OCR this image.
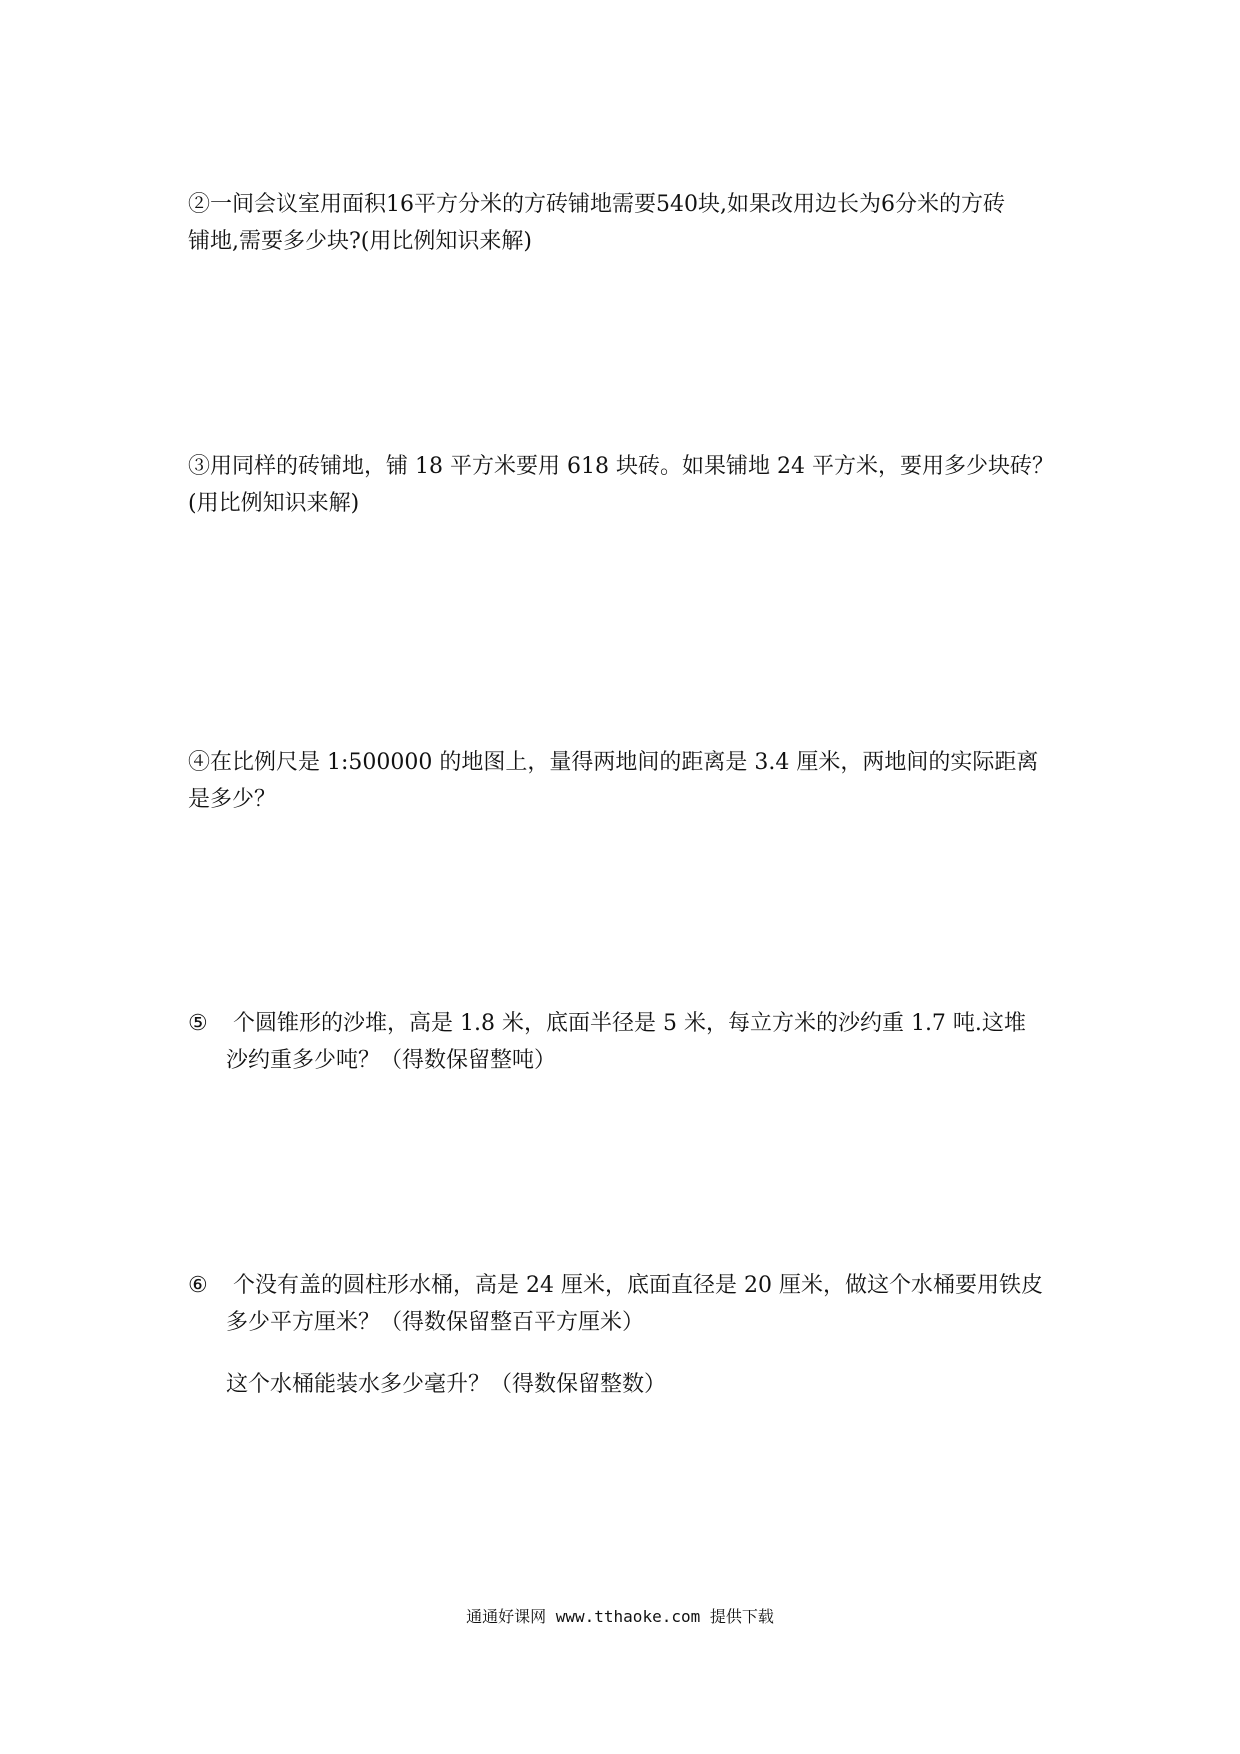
②一间会议室用面积16平方分米的方砖铺地需要540块,如果改用边长为6分米的方砖
铺地,需要多少块?(用比例知识来解)
③用同样的砖铺地，铺 18 平方米要用 618 块砖。如果铺地 24 平方米，要用多少块砖？
(用比例知识来解)
④在比例尺是 1:500000 的地图上，量得两地间的距离是 3.4 厘米，两地间的实际距离
是多少？
⑤ 个圆锥形的沙堆，高是 1.8 米，底面半径是 5 米，每立方米的沙约重 1.7 吨.这堆
沙约重多少吨？（得数保留整吨）
⑥ 个没有盖的圆柱形水桶，高是 24 厘米，底面直径是 20 厘米，做这个水桶要用铁皮
多少平方厘米？（得数保留整百平方厘米）

这个水桶能装水多少毫升？（得数保留整数）

通通好课网 www.tthaoke.com 提供下载
